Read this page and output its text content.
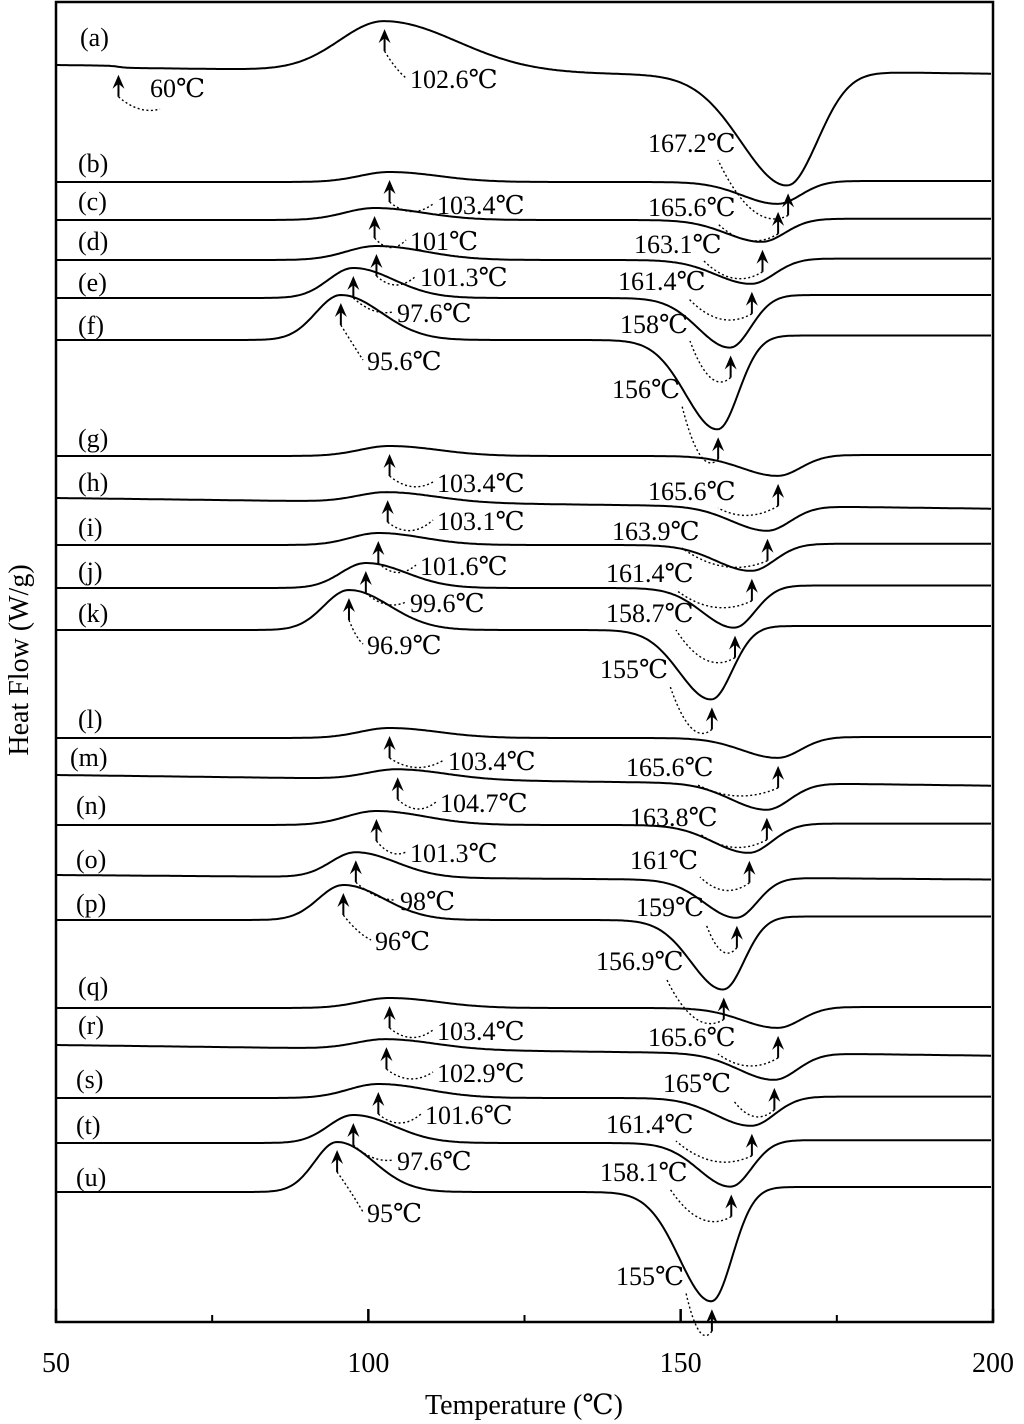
50	100	150	200
Temperature (℃)
Heat Flow (W/g)
(a)
102.6℃
167.2℃
60℃
(b)
103.4℃	165.6℃
(c)
101℃	163.1℃
(d)
101.3℃	161.4℃
(e)
97.6℃	158℃
(f)
95.6℃
156℃
(g)
103.4℃	165.6℃
(h)
103.1℃	163.9℃
(i)
101.6℃	161.4℃
(j)
99.6℃	158.7℃
(k)
96.9℃
155℃
(l)
103.4℃	165.6℃
(m)
104.7℃	163.8℃
(n)
101.3℃	161℃
(o)
98℃	159℃
(p)
96℃
156.9℃
(q)
103.4℃	165.6℃
(r)
102.9℃	165℃
(s)
101.6℃	161.4℃
(t)
97.6℃	158.1℃
(u)
95℃
155℃
